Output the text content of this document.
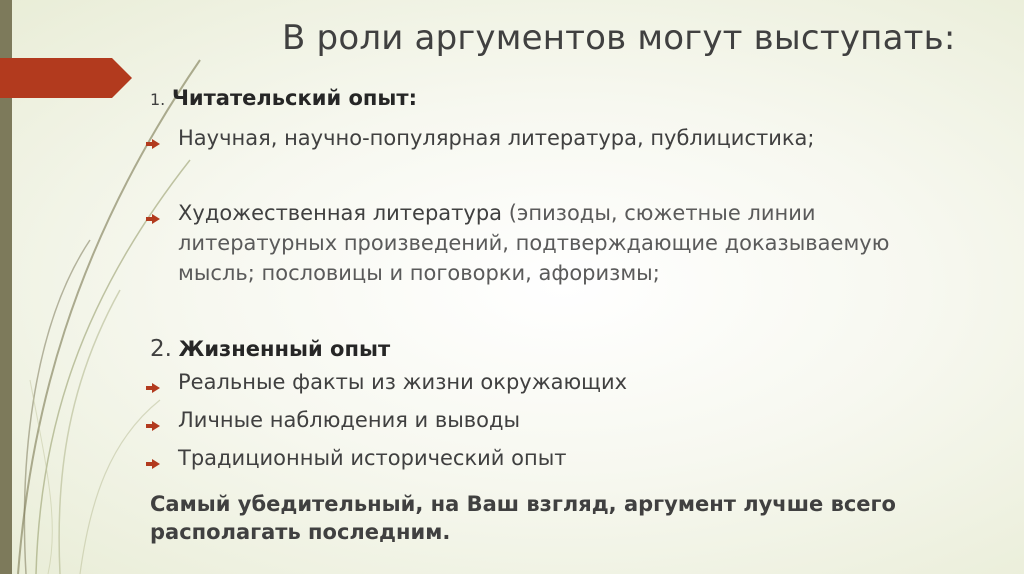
В роли аргументов могут выступать:

1. Читательский опыт:

Научная, научно-популярная литература, публицистика;

Художественная литература (эпизоды, сюжетные линии

литературных произведений, подтверждающие доказываемую

мысль; пословицы и поговорки, афоризмы;

2. Жизненный опыт

Реальные факты из жизни окружающих

Личные наблюдения и выводы

Традиционный исторический опыт

Самый убедительный, на Ваш взгляд, аргумент лучше всего
располагать последним.
